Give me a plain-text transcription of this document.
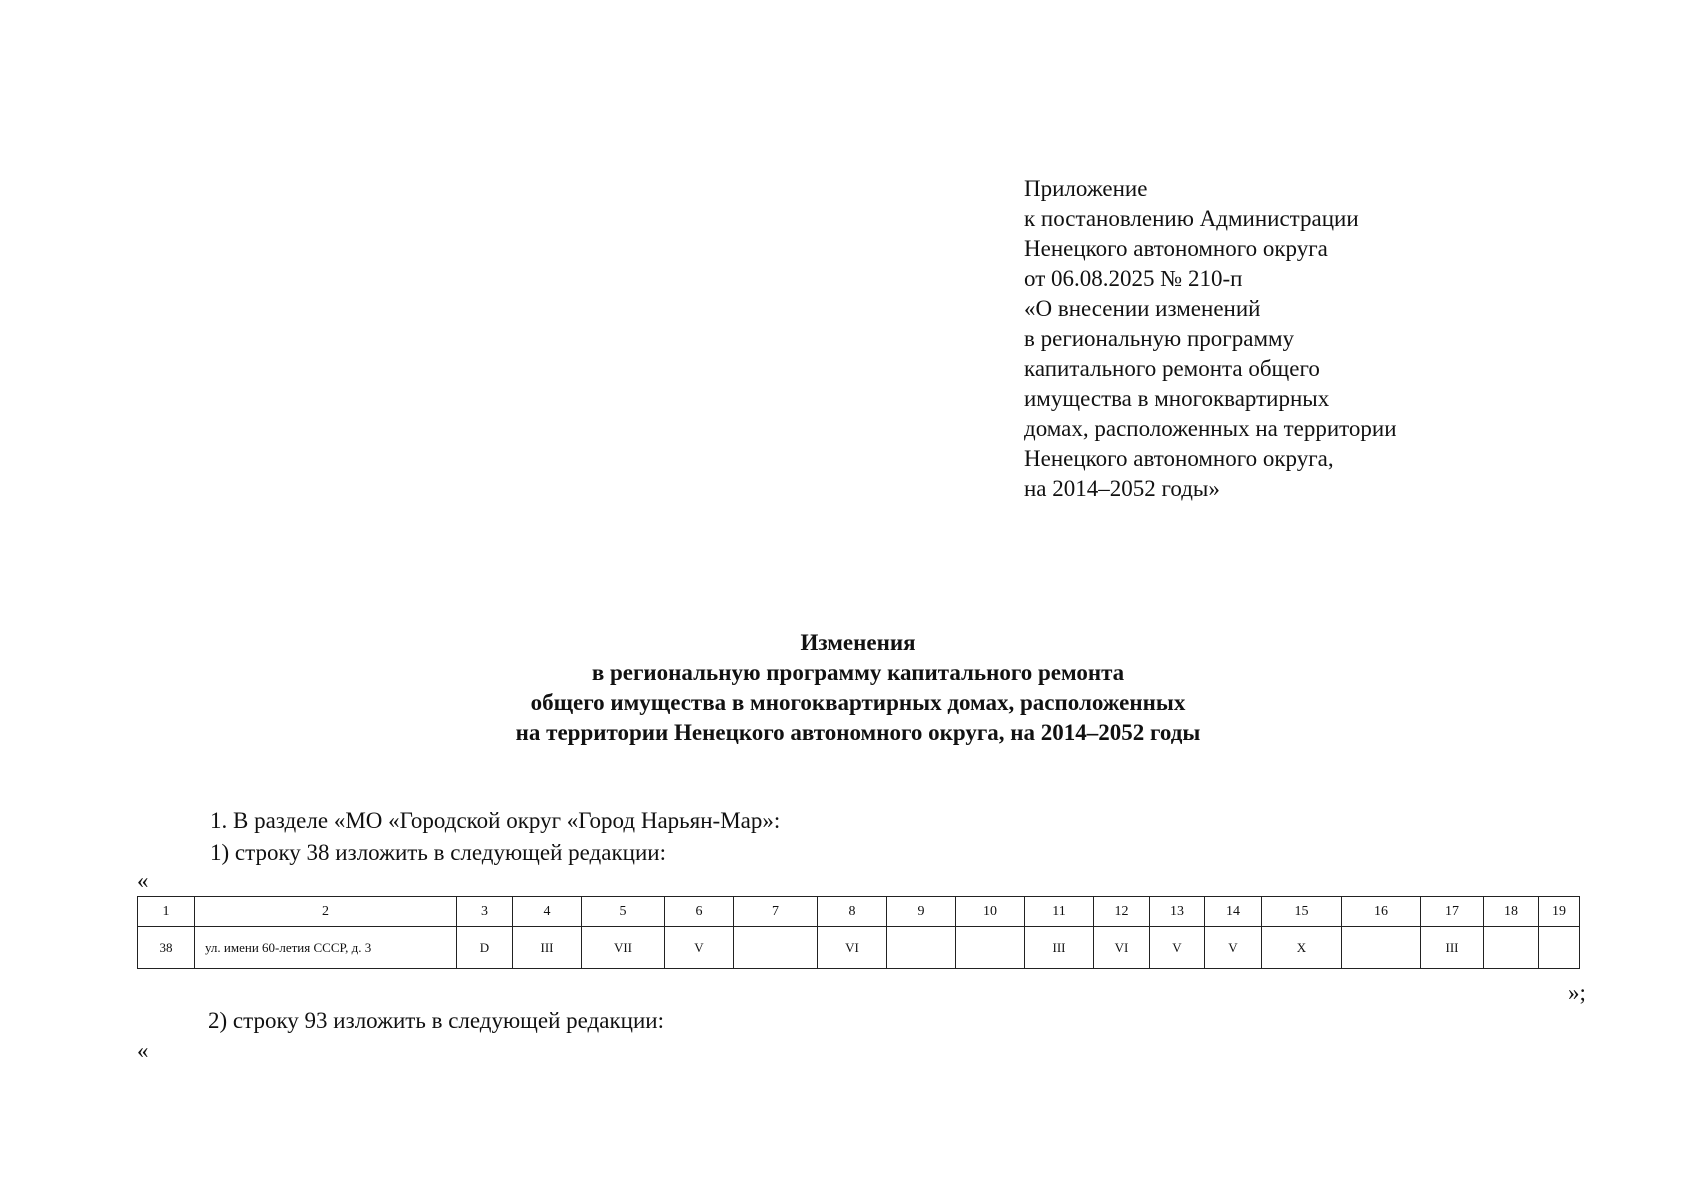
Приложение
к постановлению Администрации
Ненецкого автономного округа
от 06.08.2025 № 210-п
«О внесении изменений
в региональную программу
капитального ремонта общего
имущества в многоквартирных
домах, расположенных на территории
Ненецкого автономного округа,
на 2014–2052 годы»
Изменения
в региональную программу капитального ремонта
общего имущества в многоквартирных домах, расположенных
на территории Ненецкого автономного округа, на 2014–2052 годы
1. В разделе «МО «Городской округ «Город Нарьян-Мар»:
1) строку 38 изложить в следующей редакции:
«
1	2	3	4	5	6	7	8	9	10	11	12	13	14	15	16	17	18	19
38	ул. имени 60-летия СССР, д. 3	D	III	VII	V		VI			III	VI	V	V	X		III		
»;
2) строку 93 изложить в следующей редакции:
«
